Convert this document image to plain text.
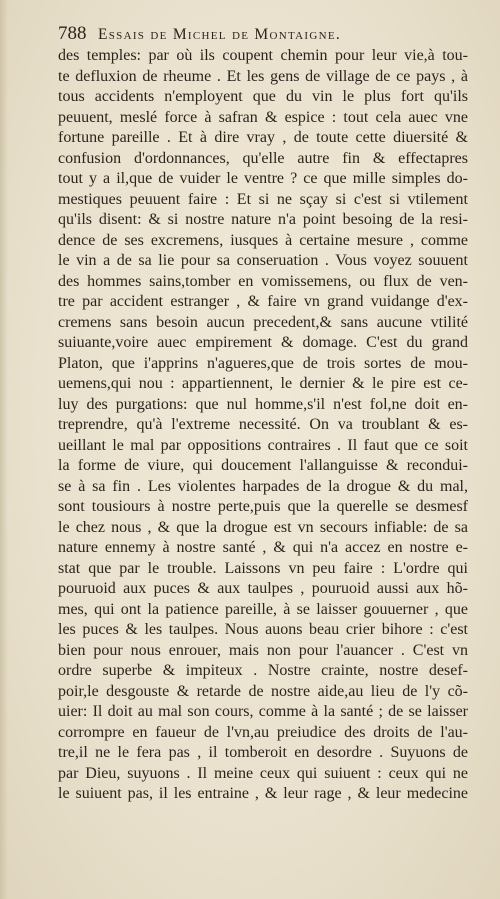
788 Essais de Michel de Montaigne.
des temples: par où ils coupent chemin pour leur vie,à tou-
te defluxion de rheume . Et les gens de village de ce pays , à
tous accidents n'employent que du vin le plus fort qu'ils
peuuent, meslé force à safran & espice : tout cela auec vne
fortune pareille . Et à dire vray , de toute cette diuersité &
confusion d'ordonnances, qu'elle autre fin & effectapres
tout y a il,que de vuider le ventre ? ce que mille simples do-
mestiques peuuent faire : Et si ne sçay si c'est si vtilement
qu'ils disent: & si nostre nature n'a point besoing de la resi-
dence de ses excremens, iusques à certaine mesure , comme
le vin a de sa lie pour sa conseruation . Vous voyez souuent
des hommes sains,tomber en vomissemens, ou flux de ven-
tre par accident estranger , & faire vn grand vuidange d'ex-
cremens sans besoin aucun precedent,& sans aucune vtilité
suiuante,voire auec empirement & domage. C'est du grand
Platon, que i'apprins n'agueres,que de trois sortes de mou-
uemens,qui nou : appartiennent, le dernier & le pire est ce-
luy des purgations: que nul homme,s'il n'est fol,ne doit en-
treprendre, qu'à l'extreme necessité. On va troublant & es-
ueillant le mal par oppositions contraires . Il faut que ce soit
la forme de viure, qui doucement l'allanguisse & recondui-
se à sa fin . Les violentes harpades de la drogue & du mal,
sont tousiours à nostre perte,puis que la querelle se desmesf
le chez nous , & que la drogue est vn secours infiable: de sa
nature ennemy à nostre santé , & qui n'a accez en nostre e-
stat que par le trouble. Laissons vn peu faire : L'ordre qui
pouruoid aux puces & aux taulpes , pouruoid aussi aux hõ-
mes, qui ont la patience pareille, à se laisser gouuerner , que
les puces & les taulpes. Nous auons beau crier bihore : c'est
bien pour nous enrouer, mais non pour l'auancer . C'est vn
ordre superbe & impiteux . Nostre crainte, nostre desef-
poir,le desgouste & retarde de nostre aide,au lieu de l'y cõ-
uier: Il doit au mal son cours, comme à la santé ; de se laisser
corrompre en faueur de l'vn,au preiudice des droits de l'au-
tre,il ne le fera pas , il tomberoit en desordre . Suyuons de
par Dieu, suyuons . Il meine ceux qui suiuent : ceux qui ne
le suiuent pas, il les entraine , & leur rage , & leur medecine
